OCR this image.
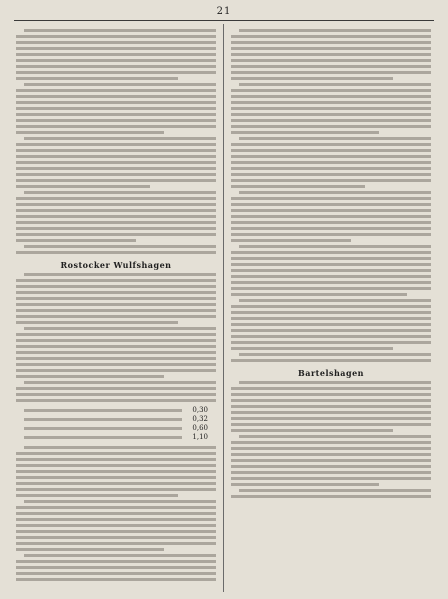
21
Rostocker Wulfshagen
0,30
0,32
0,60
1,10
Bartelshagen
